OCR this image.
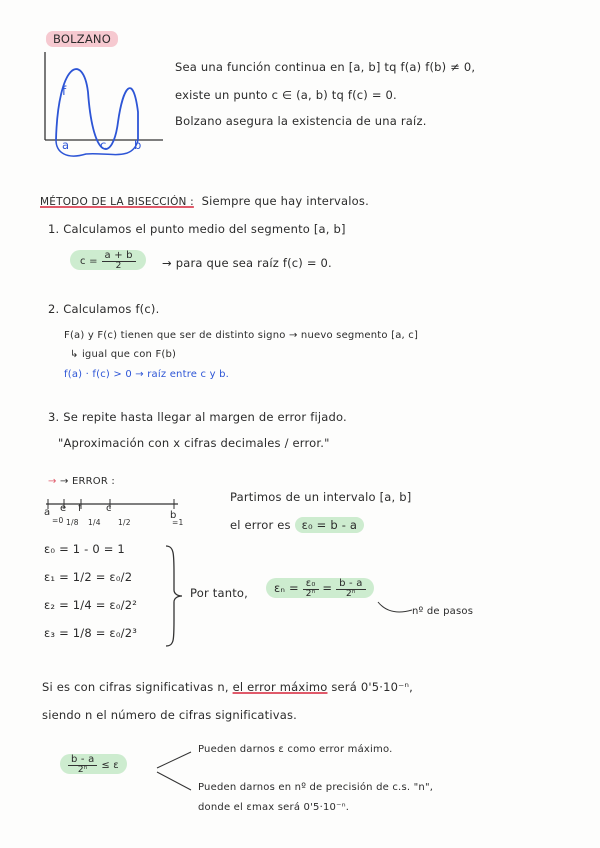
BOLZANO
f
a	c b
Sea una función continua en [a, b] tq f(a) f(b) ≠ 0,
existe un punto c ∈ (a, b) tq f(c) = 0.
Bolzano asegura la existencia de una raíz.
MÉTODO DE LA BISECCIÓN : Siempre que hay intervalos.
1. Calculamos el punto medio del segmento [a, b]
$c = \frac{a + b}{2}$ → para que sea raíz f(c) = 0.
2. Calculamos f(c).
F(a) y F(c) tienen que ser de distinto signo → nuevo segmento [a, c]
↳ igual que con F(b)
f(a) · f(c) > 0 → raíz entre c y b.
3. Se repite hasta llegar al margen de error fijado.
"Aproximación con x cifras decimales / error."
→ → ERROR :
a e f c
b
=0 1/8 1/4 1/2	=1
Partimos de un intervalo [a, b]
el error es ε₀ = b - a
ε₀ = 1 - 0 = 1
ε₁ = 1/2 = ε₀/2
ε₂ = 1/4 = ε₀/2²
ε₃ = 1/8 = ε₀/2³
Por tanto,	$\varepsilon_n = \frac{\text{ε₀}}{\text{2ⁿ}} = \frac{b - a}{\text{2ⁿ}}$
nº de pasos
Si es con cifras significativas n, el error máximo será 0'5·10⁻ⁿ,
siendo n el número de cifras significativas.
$\frac{b - a}{\text{2ⁿ}} \le \varepsilon$
Pueden darnos ε como error máximo.
Pueden darnos en nº de precisión de c.s. "n",
donde el εmax será 0'5·10⁻ⁿ.
